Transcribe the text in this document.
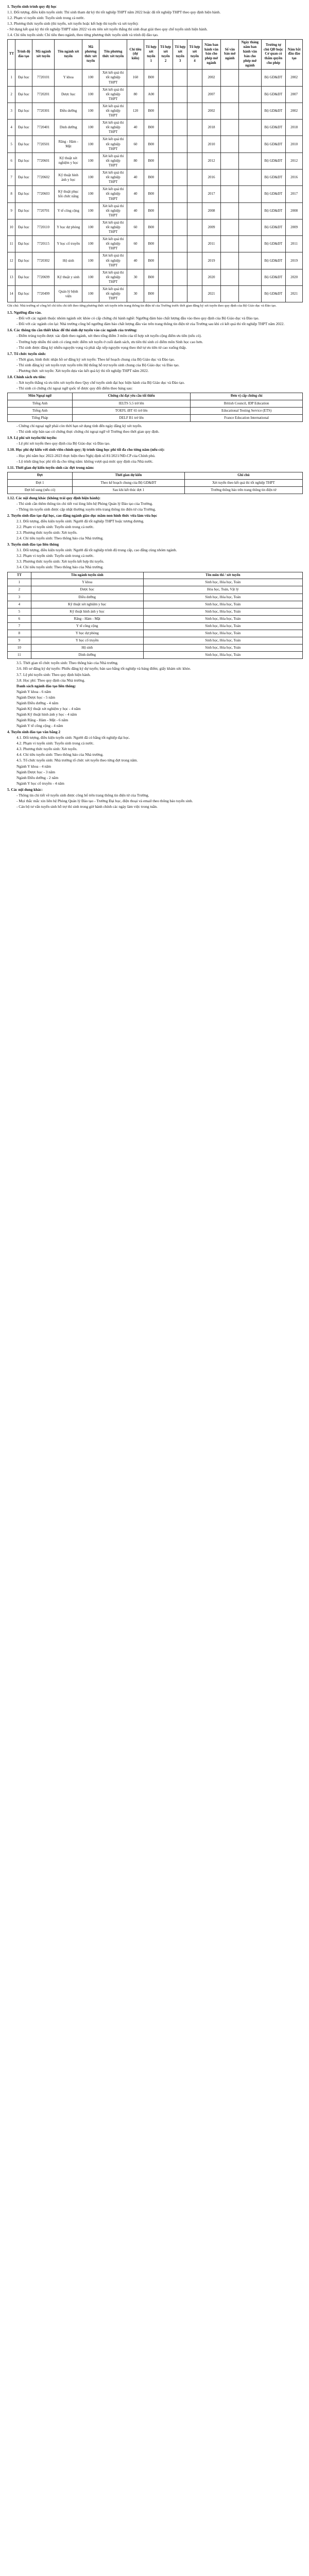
1. Tuyển sinh trình quy độ học

1.1. Đối tượng, điều kiện tuyển sinh: Thí sinh tham dự kỳ thi tốt nghiệp THPT năm 2022 hoặc đã tốt nghiệp THPT theo quy định hiện hành.

1.2. Phạm vi tuyển sinh: Tuyển sinh trong cả nước.

1.3. Phương thức tuyển sinh (thi tuyển, xét tuyển hoặc kết hợp thi tuyển và xét tuyển):

- Sử dụng kết quả kỳ thi tốt nghiệp THPT năm 2022 và ưu tiên xét tuyển thẳng thí sinh đoạt giải theo quy chế tuyển sinh hiện hành.

1.4. Chỉ tiêu tuyển sinh: Chỉ tiêu theo ngành, theo từng phương thức tuyển sinh và trình độ đào tạo.

TT	Trình độ đào tạo	Mã ngành xét tuyển	Tên ngành xét tuyển	Mã phương thức xét tuyển	Tên phương thức xét tuyển	Chỉ tiêu (dự kiến)	Tổ hợp xét tuyển 1	Tổ hợp xét tuyển 2	Tổ hợp xét tuyển 3	Tổ hợp xét tuyển 4	Năm ban hành văn bản cho phép mở ngành	Số văn bản mở ngành	Ngày tháng năm ban hành văn bản cho phép mở ngành	Trường tự chủ QĐ hoặc Cơ quan có thẩm quyền cho phép	Năm bắt đầu đào tạo
1	Đại học	7720101	Y khoa	100	Xét kết quả thi tốt nghiệp THPT	160	B00				2002			Bộ GD&ĐT	2002
2	Đại học	7720201	Dược học	100	Xét kết quả thi tốt nghiệp THPT	80	A00				2007			Bộ GD&ĐT	2007
3	Đại học	7720301	Điều dưỡng	100	Xét kết quả thi tốt nghiệp THPT	120	B00				2002			Bộ GD&ĐT	2002
4	Đại học	7720401	Dinh dưỡng	100	Xét kết quả thi tốt nghiệp THPT	40	B00				2018			Bộ GD&ĐT	2018
5	Đại học	7720501	Răng - Hàm - Mặt	100	Xét kết quả thi tốt nghiệp THPT	60	B00				2010			Bộ GD&ĐT	2010
6	Đại học	7720601	Kỹ thuật xét nghiệm y học	100	Xét kết quả thi tốt nghiệp THPT	80	B00				2012			Bộ GD&ĐT	2012
7	Đại học	7720602	Kỹ thuật hình ảnh y học	100	Xét kết quả thi tốt nghiệp THPT	40	B00				2016			Bộ GD&ĐT	2016
8	Đại học	7720603	Kỹ thuật phục hồi chức năng	100	Xét kết quả thi tốt nghiệp THPT	40	B00				2017			Bộ GD&ĐT	2017
9	Đại học	7720701	Y tế công cộng	100	Xét kết quả thi tốt nghiệp THPT	40	B00				2008			Bộ GD&ĐT	2008
10	Đại học	7720110	Y học dự phòng	100	Xét kết quả thi tốt nghiệp THPT	60	B00				2009			Bộ GD&ĐT	2009
11	Đại học	7720115	Y học cổ truyền	100	Xét kết quả thi tốt nghiệp THPT	60	B00				2011			Bộ GD&ĐT	2011
12	Đại học	7720302	Hộ sinh	100	Xét kết quả thi tốt nghiệp THPT	40	B00				2019			Bộ GD&ĐT	2019
13	Đại học	7720699	Kỹ thuật y sinh	100	Xét kết quả thi tốt nghiệp THPT	30	B00				2020			Bộ GD&ĐT	2020
14	Đại học	7720499	Quản lý bệnh viện	100	Xét kết quả thi tốt nghiệp THPT	30	B00				2021			Bộ GD&ĐT	2021
Ghi chú: Nhà trường sẽ công bố chỉ tiêu chi tiết theo từng phương thức xét tuyển trên trang thông tin điện tử của Trường trước thời gian đăng ký xét tuyển theo quy định của Bộ Giáo dục và Đào tạo.
1.5. Ngưỡng đầu vào.

- Đối với các ngành thuộc nhóm ngành sức khỏe có cấp chứng chỉ hành nghề: Ngưỡng đảm bảo chất lượng đầu vào theo quy định của Bộ Giáo dục và Đào tạo.

- Đối với các ngành còn lại: Nhà trường công bố ngưỡng đảm bảo chất lượng đầu vào trên trang thông tin điện tử của Trường sau khi có kết quả thi tốt nghiệp THPT năm 2022.

1.6. Các thông tin cần thiết khác để thí sinh dự tuyển vào các ngành của trường:

- Điểm trúng tuyển được xác định theo ngành, xét theo tổng điểm 3 môn của tổ hợp xét tuyển cộng điểm ưu tiên (nếu có).

- Trường hợp nhiều thí sinh có cùng mức điểm xét tuyển ở cuối danh sách, ưu tiên thí sinh có điểm môn Sinh học cao hơn.

- Thí sinh được đăng ký nhiều nguyện vọng và phải sắp xếp nguyện vọng theo thứ tự ưu tiên từ cao xuống thấp.

1.7. Tổ chức tuyển sinh:

- Thời gian, hình thức nhận hồ sơ đăng ký xét tuyển: Theo kế hoạch chung của Bộ Giáo dục và Đào tạo.

- Thí sinh đăng ký xét tuyển trực tuyến trên Hệ thống hỗ trợ tuyển sinh chung của Bộ Giáo dục và Đào tạo.

- Phương thức xét tuyển: Xét tuyển dựa vào kết quả kỳ thi tốt nghiệp THPT năm 2022.

1.8. Chính sách ưu tiên:

- Xét tuyển thẳng và ưu tiên xét tuyển theo Quy chế tuyển sinh đại học hiện hành của Bộ Giáo dục và Đào tạo.

- Thí sinh có chứng chỉ ngoại ngữ quốc tế được quy đổi điểm theo bảng sau:

Môn Ngoại ngữ	Chứng chỉ đạt yêu cầu tối thiểu	Đơn vị cấp chứng chỉ
Tiếng Anh	IELTS 5.5 trở lên	British Council, IDP Education
Tiếng Anh	TOEFL iBT 65 trở lên	Educational Testing Service (ETS)
Tiếng Pháp	DELF B1 trở lên	France Education International

- Chứng chỉ ngoại ngữ phải còn thời hạn sử dụng tính đến ngày đăng ký xét tuyển.

- Thí sinh nộp bản sao có chứng thực chứng chỉ ngoại ngữ về Trường theo thời gian quy định.

1.9. Lệ phí xét tuyển/thi tuyển:

- Lệ phí xét tuyển theo quy định của Bộ Giáo dục và Đào tạo.

1.10. Học phí dự kiến với sinh viên chính quy; lộ trình tăng học phí tối đa cho từng năm (nếu có):

- Học phí năm học 2022-2023 thực hiện theo Nghị định số 81/2021/NĐ-CP của Chính phủ.

- Lộ trình tăng học phí tối đa cho từng năm: không vượt quá mức quy định của Nhà nước.

1.11. Thời gian dự kiến tuyển sinh các đợt trong năm:
Đợt	Thời gian dự kiến	Ghi chú
Đợt 1	Theo kế hoạch chung của Bộ GD&ĐT	Xét tuyển theo kết quả thi tốt nghiệp THPT
Đợt bổ sung (nếu có)	Sau khi kết thúc đợt 1	Trường thông báo trên trang thông tin điện tử
1.12. Các nội dung khác (không trái quy định hiện hành):

- Thí sinh cần thêm thông tin chi tiết vui lòng liên hệ Phòng Quản lý Đào tạo của Trường.

- Thông tin tuyển sinh được cập nhật thường xuyên trên trang thông tin điện tử của Trường.

2. Tuyển sinh đào tạo đại học, cao đẳng ngành giáo dục mầm non hình thức vừa làm vừa học

2.1. Đối tượng, điều kiện tuyển sinh: Người đã tốt nghiệp THPT hoặc tương đương.

2.2. Phạm vi tuyển sinh: Tuyển sinh trong cả nước.

2.3. Phương thức tuyển sinh: Xét tuyển.

2.4. Chỉ tiêu tuyển sinh: Theo thông báo của Nhà trường.

3. Tuyển sinh đào tạo liên thông

3.1. Đối tượng, điều kiện tuyển sinh: Người đã tốt nghiệp trình độ trung cấp, cao đẳng cùng nhóm ngành.

3.2. Phạm vi tuyển sinh: Tuyển sinh trong cả nước.

3.3. Phương thức tuyển sinh: Xét tuyển kết hợp thi tuyển.

3.4. Chỉ tiêu tuyển sinh: Theo thông báo của Nhà trường.

TT	Tên ngành tuyển sinh	Tên môn thi / xét tuyển
1	Y khoa	Sinh học, Hóa học, Toán
2	Dược học	Hóa học, Toán, Vật lý
3	Điều dưỡng	Sinh học, Hóa học, Toán
4	Kỹ thuật xét nghiệm y học	Sinh học, Hóa học, Toán
5	Kỹ thuật hình ảnh y học	Sinh học, Hóa học, Toán
6	Răng - Hàm - Mặt	Sinh học, Hóa học, Toán
7	Y tế công cộng	Sinh học, Hóa học, Toán
8	Y học dự phòng	Sinh học, Hóa học, Toán
9	Y học cổ truyền	Sinh học, Hóa học, Toán
10	Hộ sinh	Sinh học, Hóa học, Toán
11	Dinh dưỡng	Sinh học, Hóa học, Toán

3.5. Thời gian tổ chức tuyển sinh: Theo thông báo của Nhà trường.

3.6. Hồ sơ đăng ký dự tuyển: Phiếu đăng ký dự tuyển; bản sao bằng tốt nghiệp và bảng điểm; giấy khám sức khỏe.

3.7. Lệ phí tuyển sinh: Theo quy định hiện hành.

3.8. Học phí: Theo quy định của Nhà trường.

Danh sách ngành đào tạo liên thông:

Ngành Y khoa - 6 năm

Ngành Dược học - 5 năm

Ngành Điều dưỡng - 4 năm

Ngành Kỹ thuật xét nghiệm y học - 4 năm

Ngành Kỹ thuật hình ảnh y học - 4 năm

Ngành Răng - Hàm - Mặt - 6 năm

Ngành Y tế công cộng - 4 năm

4. Tuyển sinh đào tạo văn bằng 2

4.1. Đối tượng, điều kiện tuyển sinh: Người đã có bằng tốt nghiệp đại học.

4.2. Phạm vi tuyển sinh: Tuyển sinh trong cả nước.

4.3. Phương thức tuyển sinh: Xét tuyển.

4.4. Chỉ tiêu tuyển sinh: Theo thông báo của Nhà trường.

4.5. Tổ chức tuyển sinh: Nhà trường tổ chức xét tuyển theo từng đợt trong năm.

Ngành Y khoa - 4 năm

Ngành Dược học - 3 năm

Ngành Điều dưỡng - 2 năm

Ngành Y học cổ truyền - 4 năm

5. Các nội dung khác:

- Thông tin chi tiết về tuyển sinh được công bố trên trang thông tin điện tử của Trường.

- Mọi thắc mắc xin liên hệ Phòng Quản lý Đào tạo - Trường Đại học, điện thoại và email theo thông báo tuyển sinh.

- Cán bộ tư vấn tuyển sinh hỗ trợ thí sinh trong giờ hành chính các ngày làm việc trong tuần.
